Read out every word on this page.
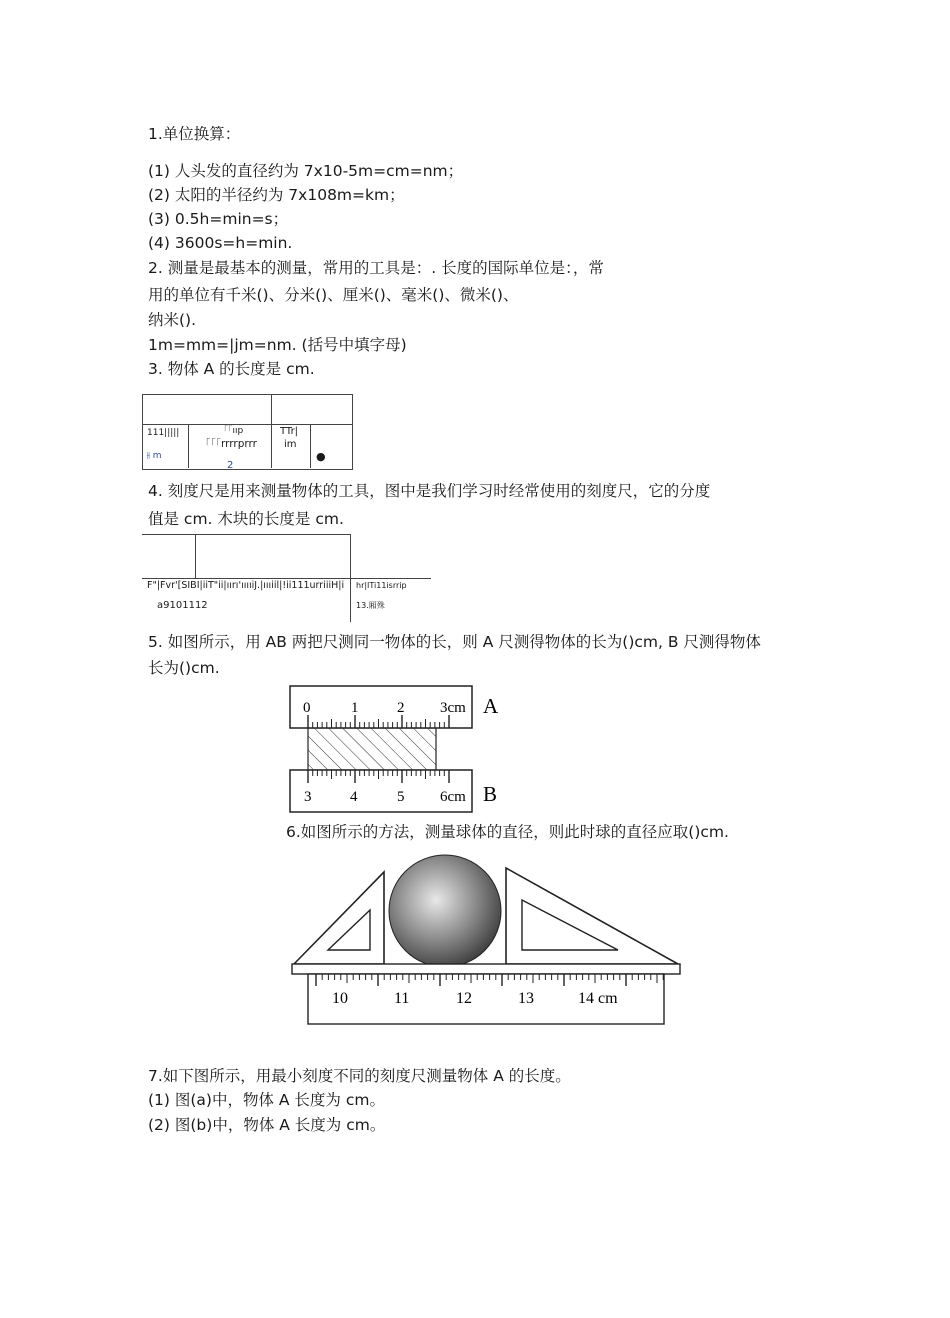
1.单位换算：
(1) 人头发的直径约为 7x10-5m=cm=nm；
(2) 太阳的半径约为 7x108m=km；
(3) 0.5h=min=s；
(4) 3600s=h=min.
2. 测量是最基本的测量，常用的工具是：. 长度的国际单位是：，常
用的单位有千米()、分米()、厘米()、毫米()、微米()、
纳米().
1m=mm=|jm=nm. (括号中填字母)
3. 物体 A 的长度是 cm.
111|||||
⫲ m
「「ııp
「「「rrrrprrr
2
TTr|
im
●
4. 刻度尺是用来测量物体的工具，图中是我们学习时经常使用的刻度尺，它的分度
值是 cm. 木块的长度是 cm.
F"|Fvr'[SIBI|iiT"ii|ıırı'ııııiJ.|ıııiil|!ii111urriiiH|i
a9101112
hr|ITi11isrrip
13.厢殊
5. 如图所示，用 AB 两把尺测同一物体的长，则 A 尺测得物体的长为()cm, B 尺测得物体
长为()cm.
0	1	2 3cm A
3	4	5 6cm B
6.如图所示的方法，测量球体的直径，则此时球的直径应取()cm.
10	11	12	13	14 cm
7.如下图所示，用最小刻度不同的刻度尺测量物体 A 的长度。
(1) 图(a)中，物体 A 长度为 cm。
(2) 图(b)中，物体 A 长度为 cm。
